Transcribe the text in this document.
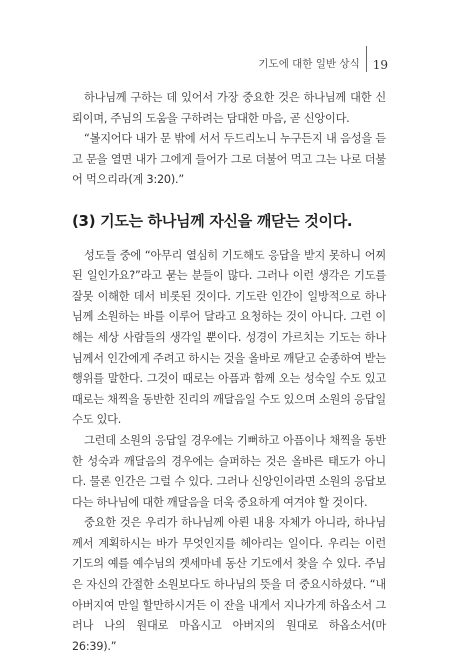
기도에 대한 일반 상식 19

하나님께 구하는 데 있어서 가장 중요한 것은 하나님께 대한 신뢰이며, 주님의 도움을 구하려는 담대한 마음, 곧 신앙이다.

“볼지어다 내가 문 밖에 서서 두드리노니 누구든지 내 음성을 듣고 문을 열면 내가 그에게 들어가 그로 더불어 먹고 그는 나로 더불어 먹으리라(계 3:20).”

(3) 기도는 하나님께 자신을 깨닫는 것이다.

성도들 중에 “아무리 열심히 기도해도 응답을 받지 못하니 어찌된 일인가요?”라고 묻는 분들이 많다. 그러나 이런 생각은 기도를 잘못 이해한 데서 비롯된 것이다. 기도란 인간이 일방적으로 하나님께 소원하는 바를 이루어 달라고 요청하는 것이 아니다. 그런 이해는 세상 사람들의 생각일 뿐이다. 성경이 가르치는 기도는 하나님께서 인간에게 주려고 하시는 것을 올바로 깨닫고 순종하여 받는 행위를 말한다. 그것이 때로는 아픔과 함께 오는 성숙일 수도 있고 때로는 채찍을 동반한 진리의 깨달음일 수도 있으며 소원의 응답일 수도 있다.

그런데 소원의 응답일 경우에는 기뻐하고 아픔이나 채찍을 동반한 성숙과 깨달음의 경우에는 슬퍼하는 것은 올바른 태도가 아니다. 물론 인간은 그럴 수 있다. 그러나 신앙인이라면 소원의 응답보다는 하나님에 대한 깨달음을 더욱 중요하게 여겨야 할 것이다.

중요한 것은 우리가 하나님께 아뢴 내용 자체가 아니라, 하나님께서 계획하시는 바가 무엇인지를 헤아리는 일이다. 우리는 이런 기도의 예를 예수님의 겟세마네 동산 기도에서 찾을 수 있다. 주님은 자신의 간절한 소원보다도 하나님의 뜻을 더 중요시하셨다. “내 아버지여 만일 할만하시거든 이 잔을 내게서 지나가게 하옵소서 그러나 나의 원대로 마옵시고 아버지의 원대로 하옵소서(마 26:39).”
